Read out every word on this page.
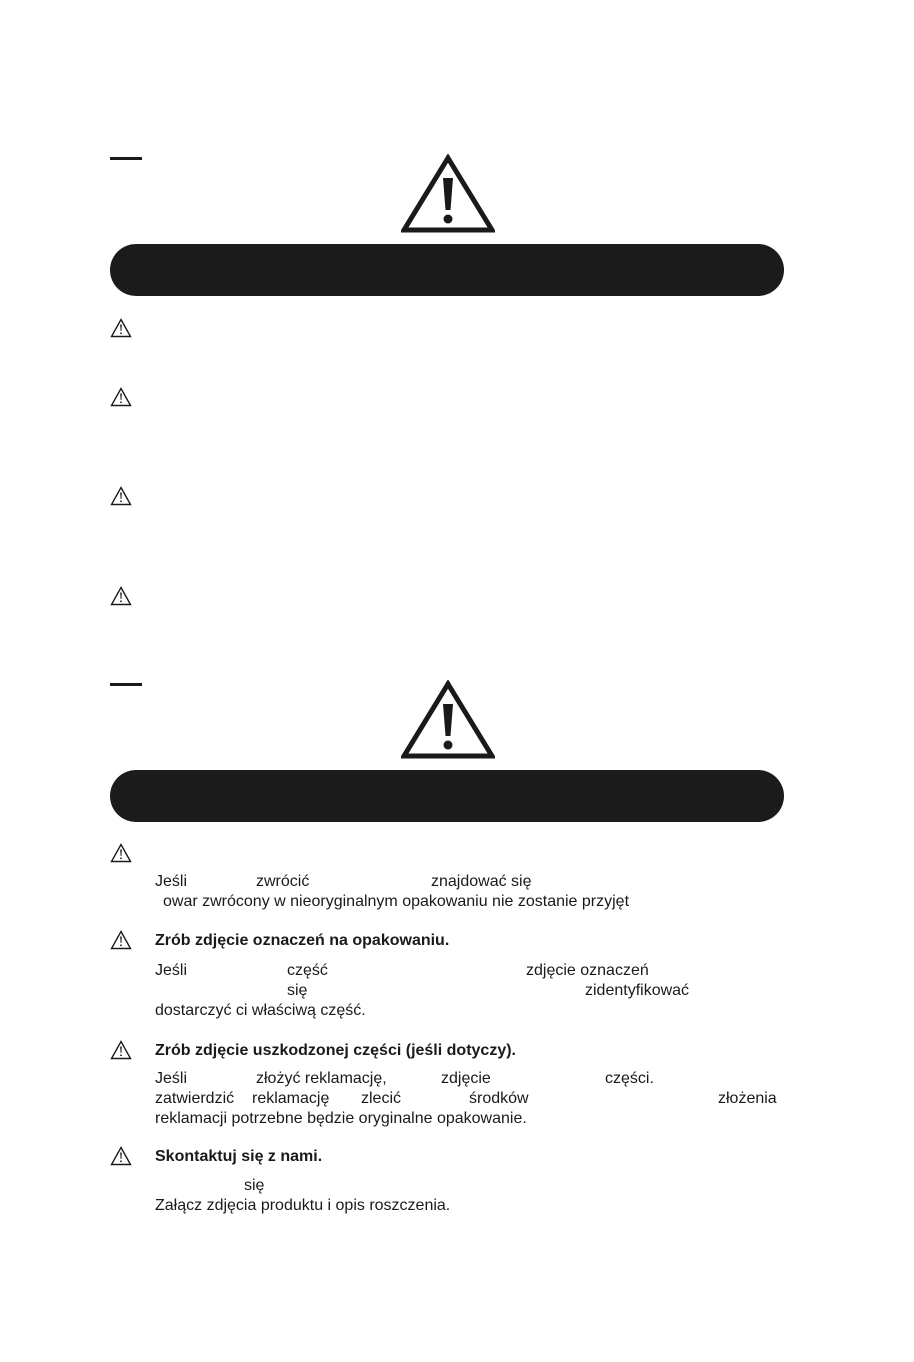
Jeśli	zwrócić	znajdować się
owar zwrócony w nieoryginalnym opakowaniu nie zostanie przyjęt
Zrób zdjęcie oznaczeń na opakowaniu.
Jeśli	część	zdjęcie oznaczeń
się	zidentyfikować
dostarczyć ci właściwą część.
Zrób zdjęcie uszkodzonej części (jeśli dotyczy).
Jeśli	złożyć reklamację,	zdjęcie	części.
zatwierdzić reklamację zlecić	środków	złożenia
reklamacji potrzebne będzie oryginalne opakowanie.
Skontaktuj się z nami.
się
Załącz zdjęcia produktu i opis roszczenia.
